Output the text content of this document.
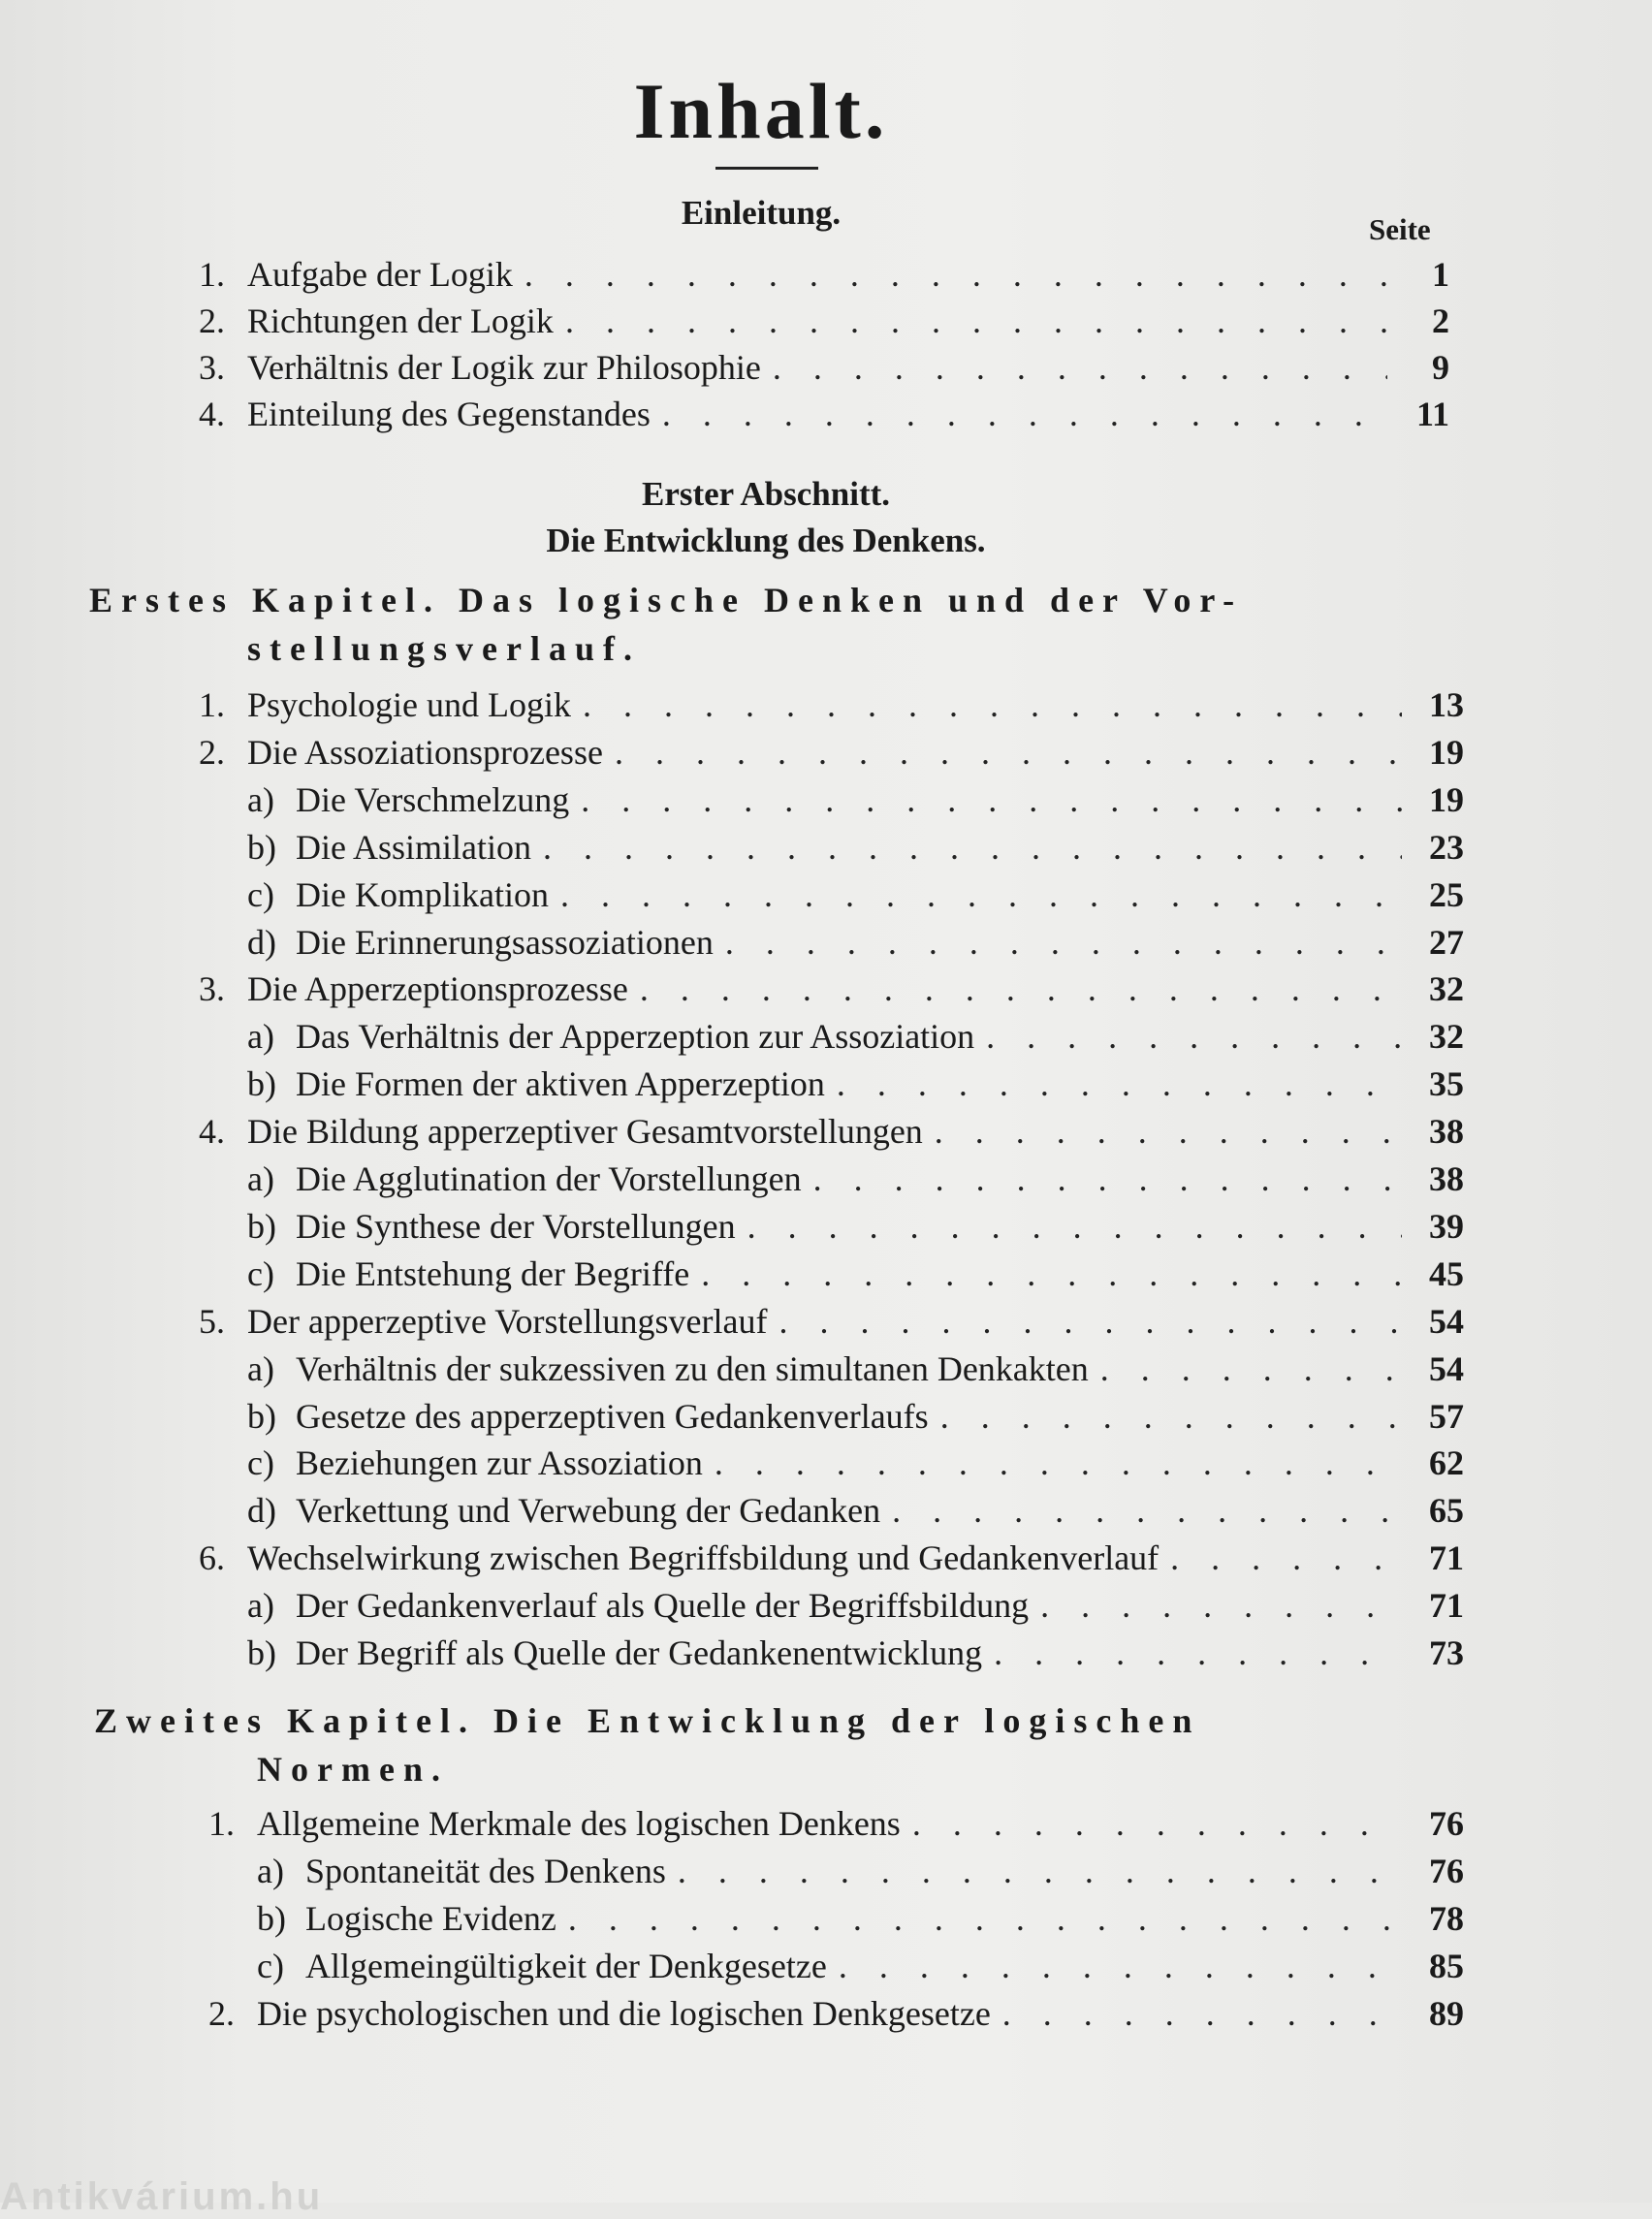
Inhalt.
Einleitung.	Seite
1. Aufgabe der Logik . . .	1
2. Richtungen der Logik . . .	2
3. Verhältnis der Logik zur Philosophie . . .	9
4. Einteilung des Gegenstandes . . .	11
Erster Abschnitt.
Die Entwicklung des Denkens.
Erstes Kapitel. Das logische Denken und der Vor-
stellungsverlauf.
1. Psychologie und Logik . . .	13
2. Die Assoziationsprozesse . . .	19
a) Die Verschmelzung . . .	19
b) Die Assimilation . . .	23
c) Die Komplikation . . .	25
d) Die Erinnerungsassoziationen . . .	27
3. Die Apperzeptionsprozesse . . .	32
a) Das Verhältnis der Apperzeption zur Assoziation . . .	32
b) Die Formen der aktiven Apperzeption . . .	35
4. Die Bildung apperzeptiver Gesamtvorstellungen . . .	38
a) Die Agglutination der Vorstellungen . . .	38
b) Die Synthese der Vorstellungen . . .	39
c) Die Entstehung der Begriffe . . .	45
5. Der apperzeptive Vorstellungsverlauf . . .	54
a) Verhältnis der sukzessiven zu den simultanen Denkakten . . .	54
b) Gesetze des apperzeptiven Gedankenverlaufs . . .	57
c) Beziehungen zur Assoziation . . .	62
d) Verkettung und Verwebung der Gedanken . . .	65
6. Wechselwirkung zwischen Begriffsbildung und Gedankenverlauf . . .	71
a) Der Gedankenverlauf als Quelle der Begriffsbildung . . .	71
b) Der Begriff als Quelle der Gedankenentwicklung . . .	73
Zweites Kapitel. Die Entwicklung der logischen
Normen.
1. Allgemeine Merkmale des logischen Denkens . . .	76
a) Spontaneität des Denkens . . .	76
b) Logische Evidenz . . .	78
c) Allgemeingültigkeit der Denkgesetze . . .	85
2. Die psychologischen und die logischen Denkgesetze . . .	89
Antikvárium.hu
